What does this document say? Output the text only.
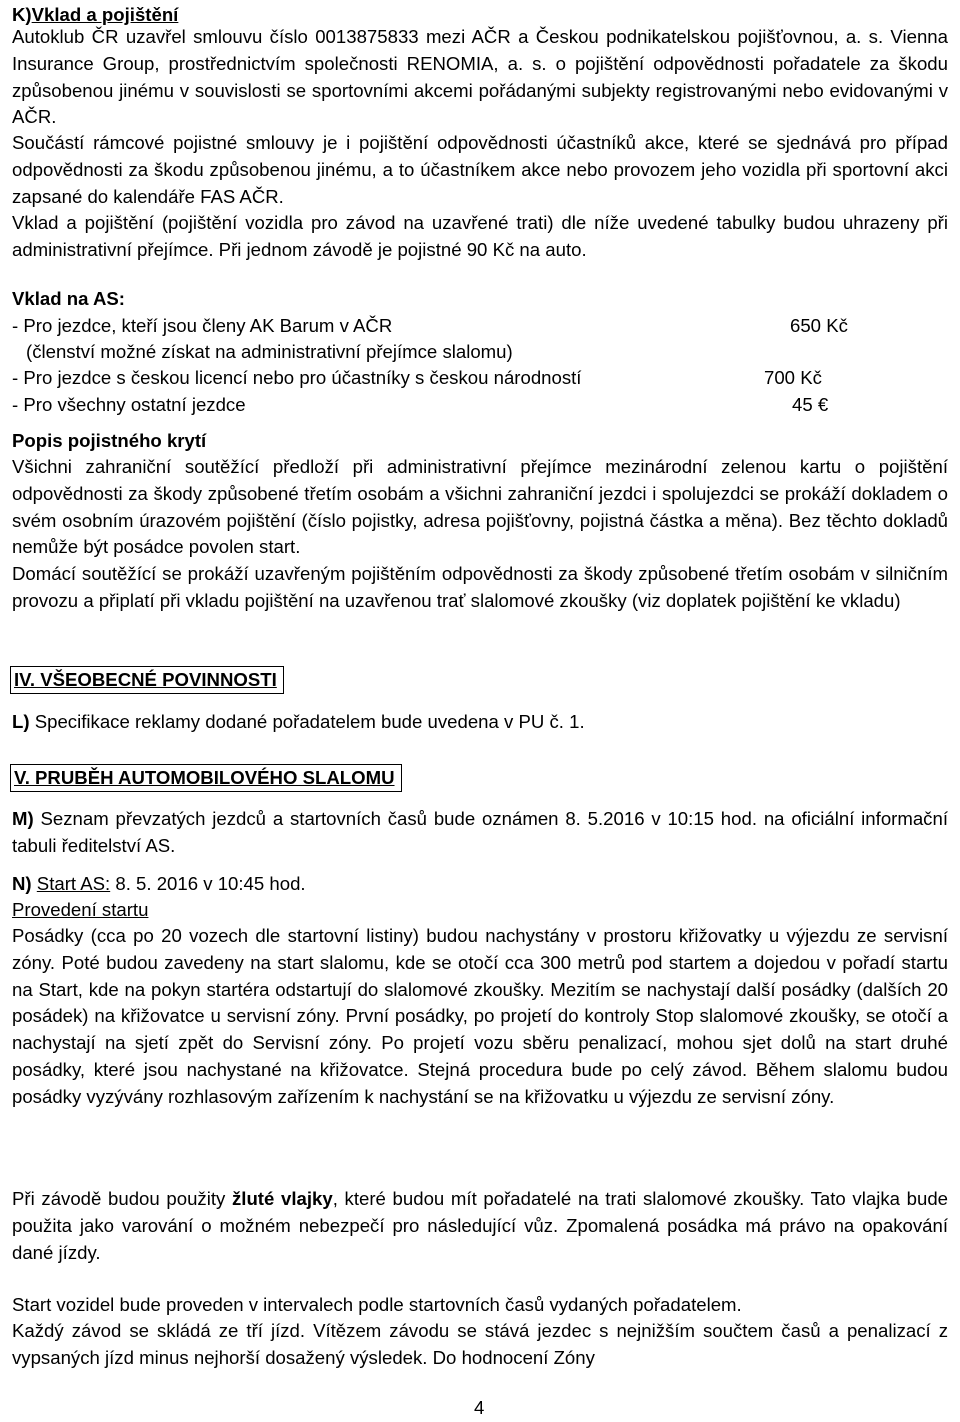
K)Vklad a pojištění

Autoklub ČR uzavřel smlouvu číslo 0013875833 mezi AČR a Českou podnikatelskou pojišťovnou, a. s. Vienna Insurance Group, prostřednictvím společnosti RENOMIA, a. s. o pojištění odpovědnosti pořadatele za škodu způsobenou jinému v souvislosti se sportovními akcemi pořádanými subjekty registrovanými nebo evidovanými v AČR.

Součástí rámcové pojistné smlouvy je i pojištění odpovědnosti účastníků akce, které se sjednává pro případ odpovědnosti za škodu způsobenou jinému, a to účastníkem akce nebo provozem jeho vozidla při sportovní akci zapsané do kalendáře FAS AČR.

Vklad a pojištění (pojištění vozidla pro závod na uzavřené trati) dle níže uvedené tabulky budou uhrazeny při administrativní přejímce. Při jednom závodě je pojistné 90 Kč na auto.

Vklad na AS:

- Pro jezdce, kteří jsou členy AK Barum v AČR	650 Kč
(členství možné získat na administrativní přejímce slalomu)
- Pro jezdce s českou licencí nebo pro účastníky s českou národností	700 Kč
- Pro všechny ostatní jezdce	45 €

Popis pojistného krytí

Všichni zahraniční soutěžící předloží při administrativní přejímce mezinárodní zelenou kartu o pojištění odpovědnosti za škody způsobené třetím osobám a všichni zahraniční jezdci i spolujezdci se prokáží dokladem o svém osobním úrazovém pojištění (číslo pojistky, adresa pojišťovny, pojistná částka a měna). Bez těchto dokladů nemůže být posádce povolen start.

Domácí soutěžící se prokáží uzavřeným pojištěním odpovědnosti za škody způsobené třetím osobám v silničním provozu a připlatí při vkladu pojištění na uzavřenou trať slalomové zkoušky (viz doplatek pojištění ke vkladu)

IV. VŠEOBECNÉ POVINNOSTI

L) Specifikace reklamy dodané pořadatelem bude uvedena v PU č. 1.

V. PRUBĚH AUTOMOBILOVÉHO SLALOMU

M) Seznam převzatých jezdců a startovních časů bude oznámen 8. 5.2016 v 10:15 hod. na oficiální informační tabuli ředitelství AS.

N) Start AS: 8. 5. 2016 v 10:45 hod.

Provedení startu

Posádky (cca po 20 vozech dle startovní listiny) budou nachystány v prostoru křižovatky u výjezdu ze servisní zóny. Poté budou zavedeny na start slalomu, kde se otočí cca 300 metrů pod startem a dojedou v pořadí startu na Start, kde na pokyn startéra odstartují do slalomové zkoušky. Mezitím se nachystají další posádky (dalších 20 posádek) na křižovatce u servisní zóny. První posádky, po projetí do kontroly Stop slalomové zkoušky, se otočí a nachystají na sjetí zpět do Servisní zóny. Po projetí vozu sběru penalizací, mohou sjet dolů na start druhé posádky, které jsou nachystané na křižovatce. Stejná procedura bude po celý závod. Během slalomu budou posádky vyzývány rozhlasovým zařízením k nachystání se na křižovatku u výjezdu ze servisní zóny.

Při závodě budou použity žluté vlajky, které budou mít pořadatelé na trati slalomové zkoušky. Tato vlajka bude použita jako varování o možném nebezpečí pro následující vůz. Zpomalená posádka má právo na opakování dané jízdy.

Start vozidel bude proveden v intervalech podle startovních časů vydaných pořadatelem.

Každý závod se skládá ze tří jízd. Vítězem závodu se stává jezdec s nejnižším součtem časů a penalizací z vypsaných jízd minus nejhorší dosažený výsledek. Do hodnocení Zóny

4
